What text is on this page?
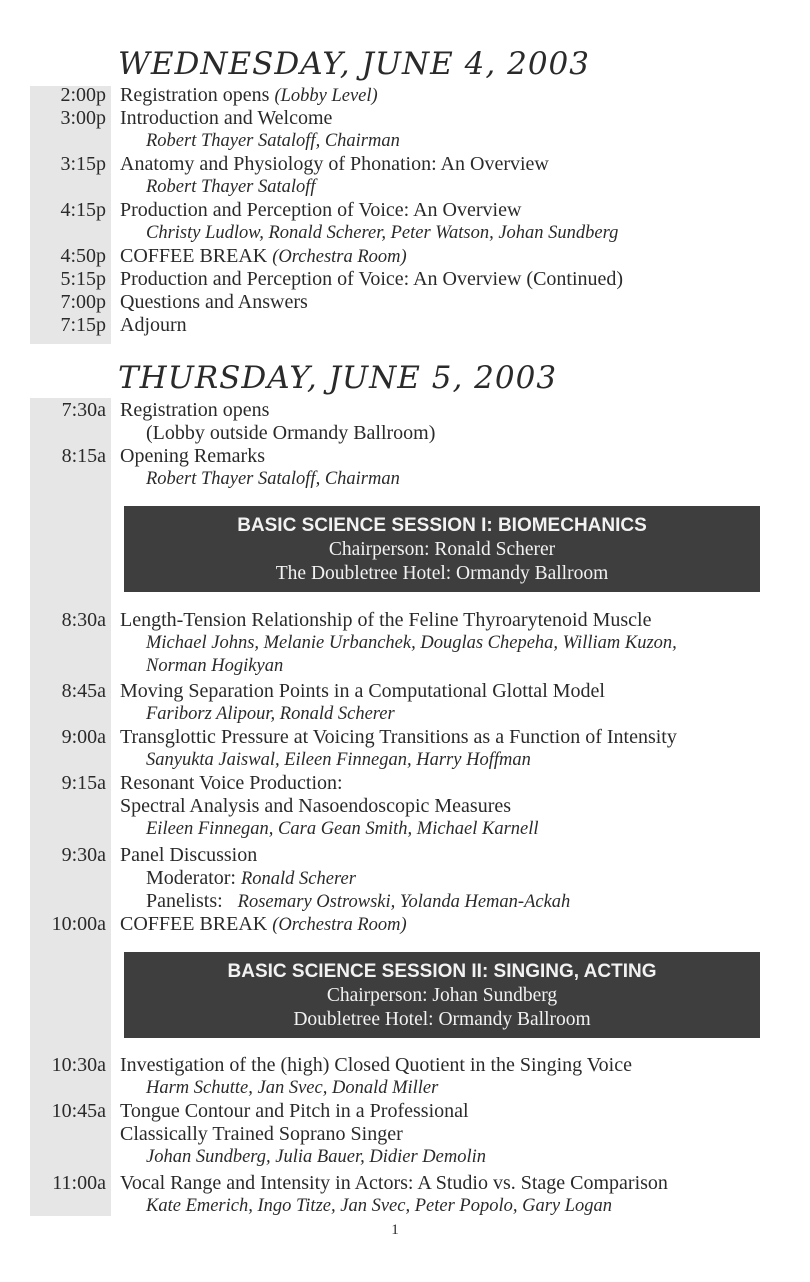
WEDNESDAY, JUNE 4, 2003
2:00p Registration opens (Lobby Level)
3:00p Introduction and Welcome
Robert Thayer Sataloff, Chairman
3:15p Anatomy and Physiology of Phonation: An Overview
Robert Thayer Sataloff
4:15p Production and Perception of Voice: An Overview
Christy Ludlow, Ronald Scherer, Peter Watson, Johan Sundberg
4:50p COFFEE BREAK (Orchestra Room)
5:15p Production and Perception of Voice: An Overview (Continued)
7:00p Questions and Answers
7:15p Adjourn
THURSDAY, JUNE 5, 2003
7:30a Registration opens
(Lobby outside Ormandy Ballroom)
8:15a Opening Remarks
Robert Thayer Sataloff, Chairman
BASIC SCIENCE SESSION I: BIOMECHANICS
Chairperson: Ronald Scherer
The Doubletree Hotel: Ormandy Ballroom
8:30a Length-Tension Relationship of the Feline Thyroarytenoid Muscle
Michael Johns, Melanie Urbanchek, Douglas Chepeha, William Kuzon,
Norman Hogikyan
8:45a Moving Separation Points in a Computational Glottal Model
Fariborz Alipour, Ronald Scherer
9:00a Transglottic Pressure at Voicing Transitions as a Function of Intensity
Sanyukta Jaiswal, Eileen Finnegan, Harry Hoffman
9:15a Resonant Voice Production:
Spectral Analysis and Nasoendoscopic Measures
Eileen Finnegan, Cara Gean Smith, Michael Karnell
9:30a Panel Discussion
Moderator: Ronald Scherer
Panelists: Rosemary Ostrowski, Yolanda Heman-Ackah
10:00a COFFEE BREAK (Orchestra Room)
BASIC SCIENCE SESSION II: SINGING, ACTING
Chairperson: Johan Sundberg
Doubletree Hotel: Ormandy Ballroom
10:30a Investigation of the (high) Closed Quotient in the Singing Voice
Harm Schutte, Jan Svec, Donald Miller
10:45a Tongue Contour and Pitch in a Professional
Classically Trained Soprano Singer
Johan Sundberg, Julia Bauer, Didier Demolin
11:00a Vocal Range and Intensity in Actors: A Studio vs. Stage Comparison
Kate Emerich, Ingo Titze, Jan Svec, Peter Popolo, Gary Logan
1
